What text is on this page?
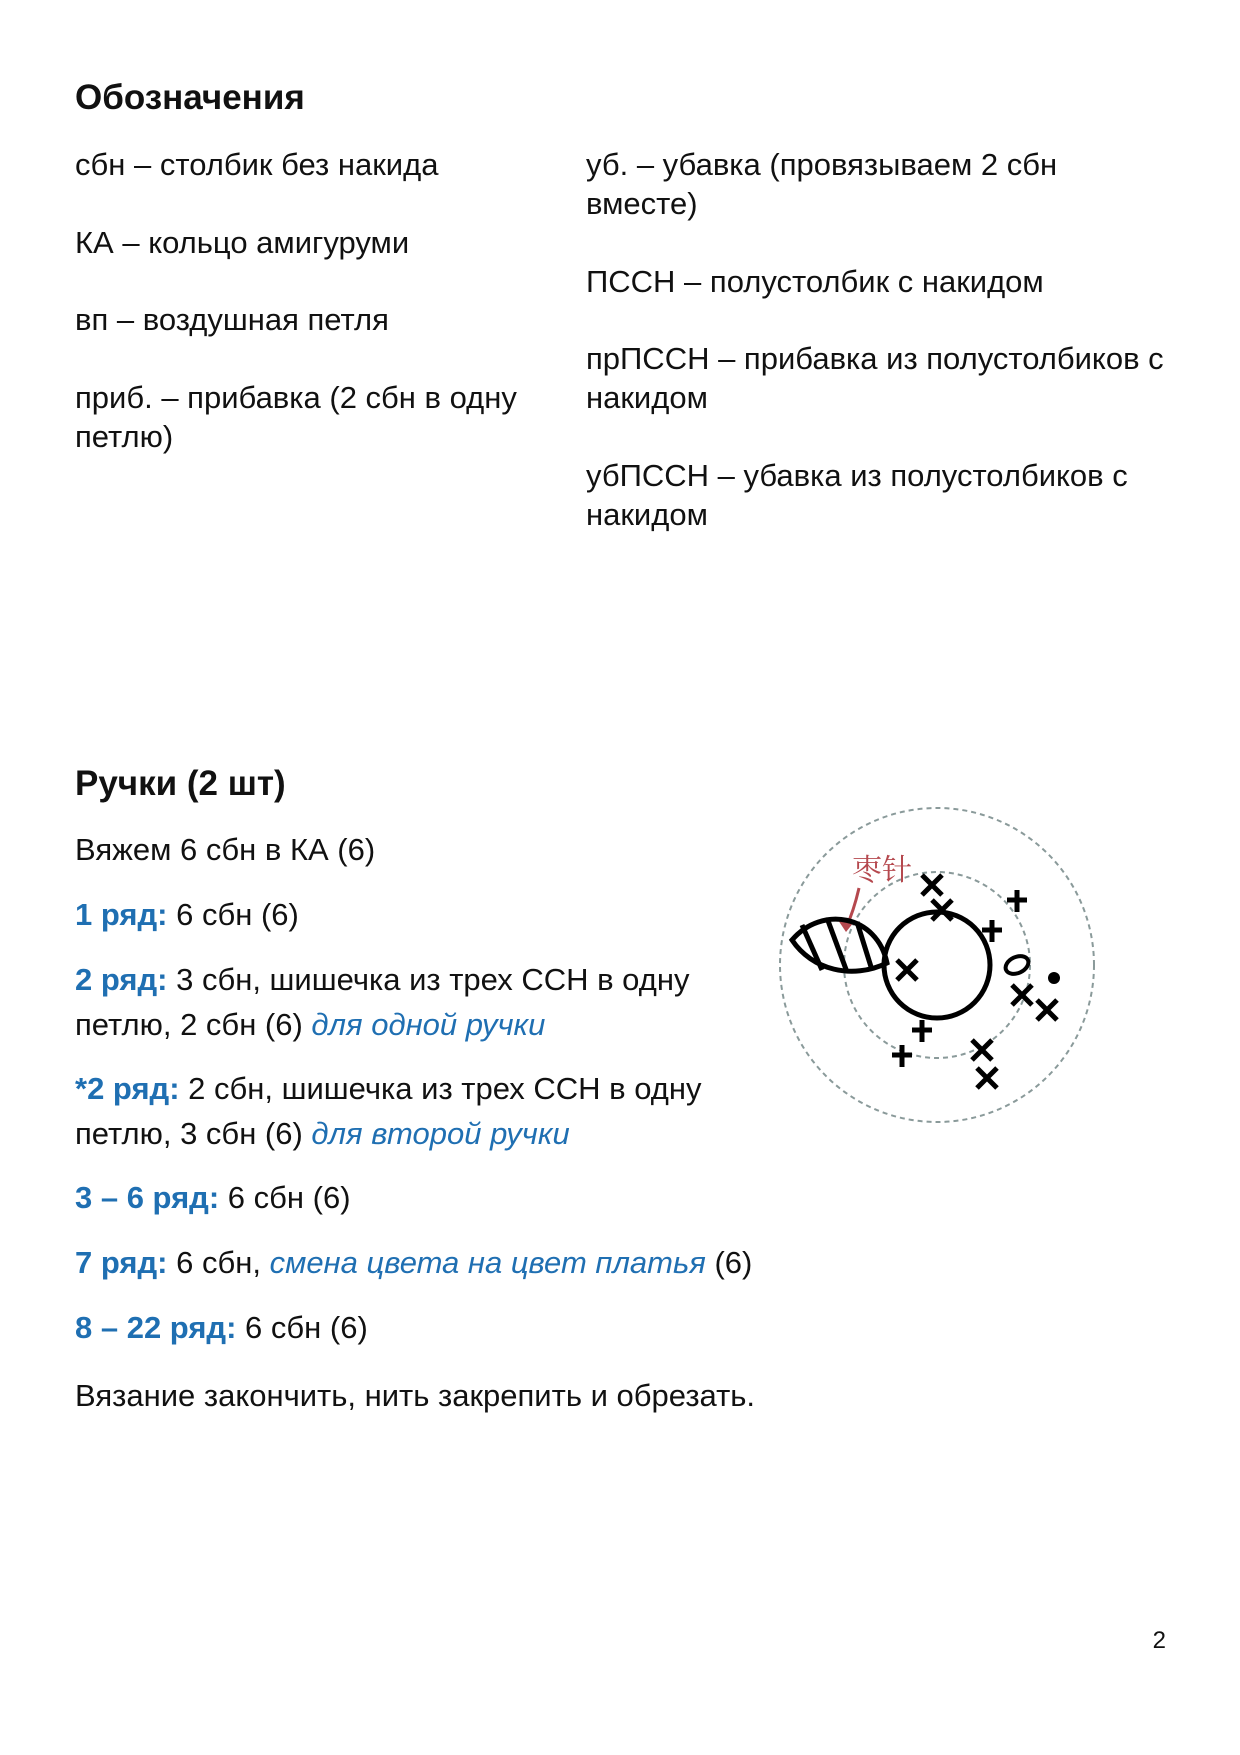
Обозначения

сбн – столбик без накида

КА – кольцо амигуруми

вп – воздушная петля

приб. – прибавка (2 сбн в одну петлю)

уб. – убавка (провязываем 2 сбн вместе)

ПССН – полустолбик с накидом

прПССН – прибавка из полустолбиков с накидом

убПССН – убавка из полустолбиков с накидом

Ручки (2 шт)

Вяжем 6 сбн в КА (6)

1 ряд: 6 сбн (6)

2 ряд: 3 сбн, шишечка из трех ССН в одну петлю, 2 сбн (6) для одной ручки

*2 ряд: 2 сбн, шишечка из трех ССН в одну петлю, 3 сбн (6) для второй ручки

3 – 6 ряд: 6 сбн (6)

7 ряд: 6 сбн, смена цвета на цвет платья (6)

8 – 22 ряд: 6 сбн (6)

Вязание закончить, нить закрепить и обрезать.

枣针
2
